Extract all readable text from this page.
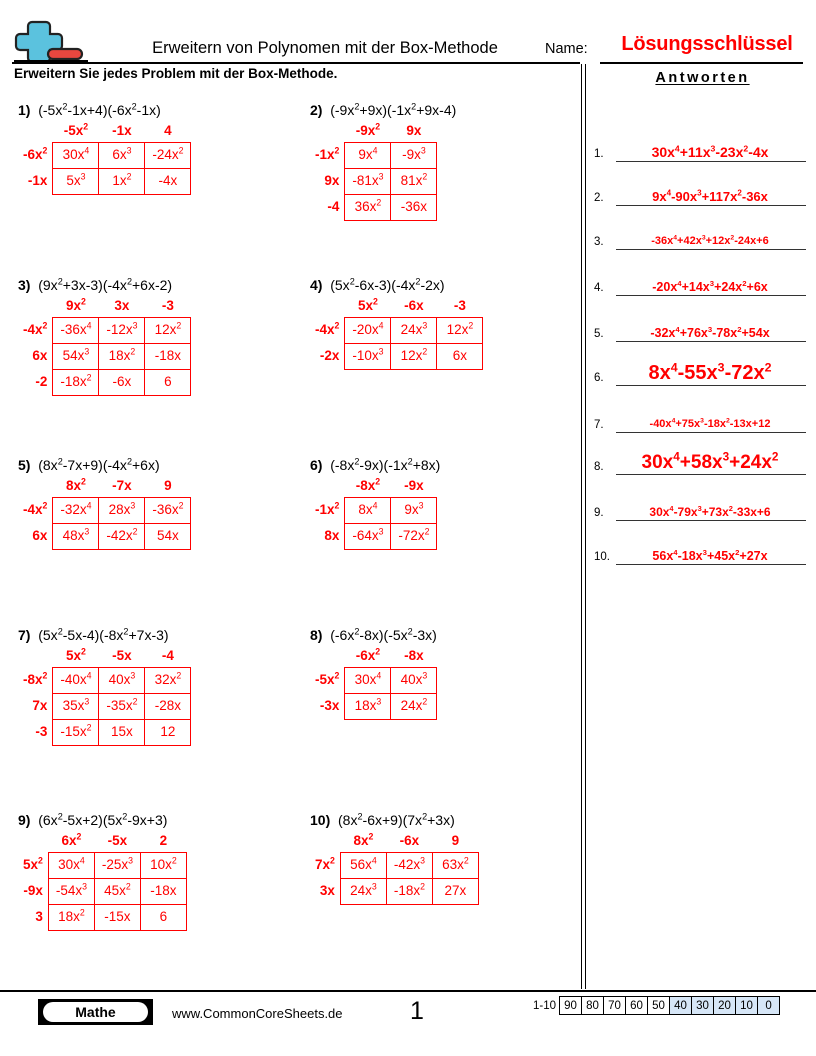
Erweitern von Polynomen mit der Box-Methode	Name:	Lösungsschlüssel
Erweitern Sie jedes Problem mit der Box-Methode.	Antworten
1.	$30x^4+11x^3-23x^2-4x$
2.	$9x^4-90x^3+117x^2-36x$
3.	$-36x^4+42x^3+12x^2-24x+6$
4.	$-20x^4+14x^3+24x^2+6x$
5.	$-32x^4+76x^3-78x^2+54x$
6.	$8x^4-55x^3-72x^2$
7.	$-40x^4+75x^3-18x^2-13x+12$
8.	$30x^4+58x^3+24x^2$
9.	$30x^4-79x^3+73x^2-33x+6$
10.	$56x^4-18x^3+45x^2+27x$
1) $(-5x^2-1x+4)(-6x^2-1x)$
	$-5x^2$	-1x	4
$-6x^2$	$30x^4$	$6x^3$	$-24x^2$
-1x	$5x^3$	$1x^2$	-4x
2) $(-9x^2+9x)(-1x^2+9x-4)$
	$-9x^2$	9x
$-1x^2$	$9x^4$	$-9x^3$
9x	$-81x^3$	$81x^2$
-4	$36x^2$	-36x
3) $(9x^2+3x-3)(-4x^2+6x-2)$
	$9x^2$	3x	-3
$-4x^2$	$-36x^4$	$-12x^3$	$12x^2$
6x	$54x^3$	$18x^2$	-18x
-2	$-18x^2$	-6x	6
4) $(5x^2-6x-3)(-4x^2-2x)$
	$5x^2$	-6x	-3
$-4x^2$	$-20x^4$	$24x^3$	$12x^2$
-2x	$-10x^3$	$12x^2$	6x
5) $(8x^2-7x+9)(-4x^2+6x)$
	$8x^2$	-7x	9
$-4x^2$	$-32x^4$	$28x^3$	$-36x^2$
6x	$48x^3$	$-42x^2$	54x
6) $(-8x^2-9x)(-1x^2+8x)$
	$-8x^2$	-9x
$-1x^2$	$8x^4$	$9x^3$
8x	$-64x^3$	$-72x^2$
7) $(5x^2-5x-4)(-8x^2+7x-3)$
	$5x^2$	-5x	-4
$-8x^2$	$-40x^4$	$40x^3$	$32x^2$
7x	$35x^3$	$-35x^2$	-28x
-3	$-15x^2$	15x	12
8) $(-6x^2-8x)(-5x^2-3x)$
	$-6x^2$	-8x
$-5x^2$	$30x^4$	$40x^3$
-3x	$18x^3$	$24x^2$
9) $(6x^2-5x+2)(5x^2-9x+3)$
	$6x^2$	-5x	2
$5x^2$	$30x^4$	$-25x^3$	$10x^2$
-9x	$-54x^3$	$45x^2$	-18x
3	$18x^2$	-15x	6
10) $(8x^2-6x+9)(7x^2+3x)$
	$8x^2$	-6x	9
$7x^2$	$56x^4$	$-42x^3$	$63x^2$
3x	$24x^3$	$-18x^2$	27x
Mathe	www.CommonCoreSheets.de	1	1-10 90 80 70 60 50 40 30 20 10	0
